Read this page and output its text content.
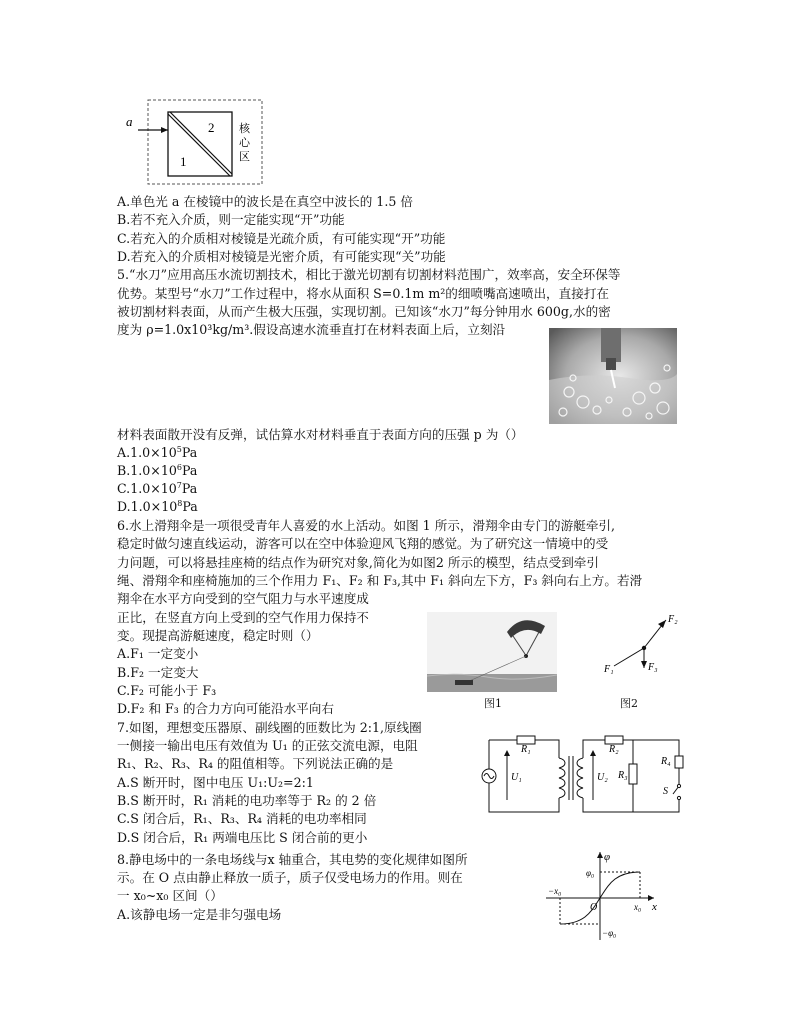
a
1
2 核
心
区
A.单色光 a 在棱镜中的波长是在真空中波长的 1.5 倍
B.若不充入介质，则一定能实现“开”功能
C.若充入的介质相对棱镜是光疏介质，有可能实现“开”功能
D.若充入的介质相对棱镜是光密介质，有可能实现“关”功能
5.“水刀”应用高压水流切割技术，相比于激光切割有切割材料范围广，效率高，安全环保等
优势。某型号“水刀”工作过程中，将水从面积 S=0.1m m²的细喷嘴高速喷出，直接打在
被切割材料表面，从而产生极大压强，实现切割。已知该“水刀”每分钟用水 600g,水的密
度为 ρ=1.0x10³kg/m³.假设高速水流垂直打在材料表面上后，立刻沿
材料表面散开没有反弹，试估算水对材料垂直于表面方向的压强 p 为（）
$A.1.0\times 10^5Pa$
$B.1.0\times 10^6Pa$
$C.1.0\times 10^7Pa$
$D.1.0\times 10^8Pa$
6.水上滑翔伞是一项很受青年人喜爱的水上活动。如图 1 所示，滑翔伞由专门的游艇牵引,
稳定时做匀速直线运动，游客可以在空中体验迎风飞翔的感觉。为了研究这一情境中的受
力问题，可以将悬挂座椅的结点作为研究对象,简化为如图2 所示的模型，结点受到牵引
绳、滑翔伞和座椅施加的三个作用力 F₁、F₂ 和 F₃,其中 F₁ 斜向左下方，F₃ 斜向右上方。若滑
翔伞在水平方向受到的空气阻力与水平速度成
正比，在竖直方向上受到的空气作用力保持不
变。现提高游艇速度，稳定时则（）
A.F₁ 一定变小
B.F₂ 一定变大
C.F₂ 可能小于 F₃
D.F₂ 和 F₃ 的合力方向可能沿水平向右	图1
F₁
F₂
F₃
图2
7.如图，理想变压器原、副线圈的匝数比为 2:1,原线圈
一侧接一输出电压有效值为 U₁ 的正弦交流电源，电阻
R₁、R₂、R₃、R₄ 的阻值相等。下列说法正确的是
A.S 断开时，图中电压 U₁:U₂=2:1
B.S 断开时，R₁ 消耗的电功率等于 R₂ 的 2 倍
C.S 闭合后，R₁、R₃、R₄ 消耗的电功率相同
D.S 闭合后，R₁ 两端电压比 S 闭合前的更小
R₁	R₂
R₃
R₄
U₁	U₂
S
8.静电场中的一条电场线与x 轴重合，其电势的变化规律如图所
示。在 O 点由静止释放一质子，质子仅受电场力的作用。则在
一 x₀~x₀ 区间（）
A.该静电场一定是非匀强电场
φ
φ₀
−φ₀
O	x
x₀
−x₀
